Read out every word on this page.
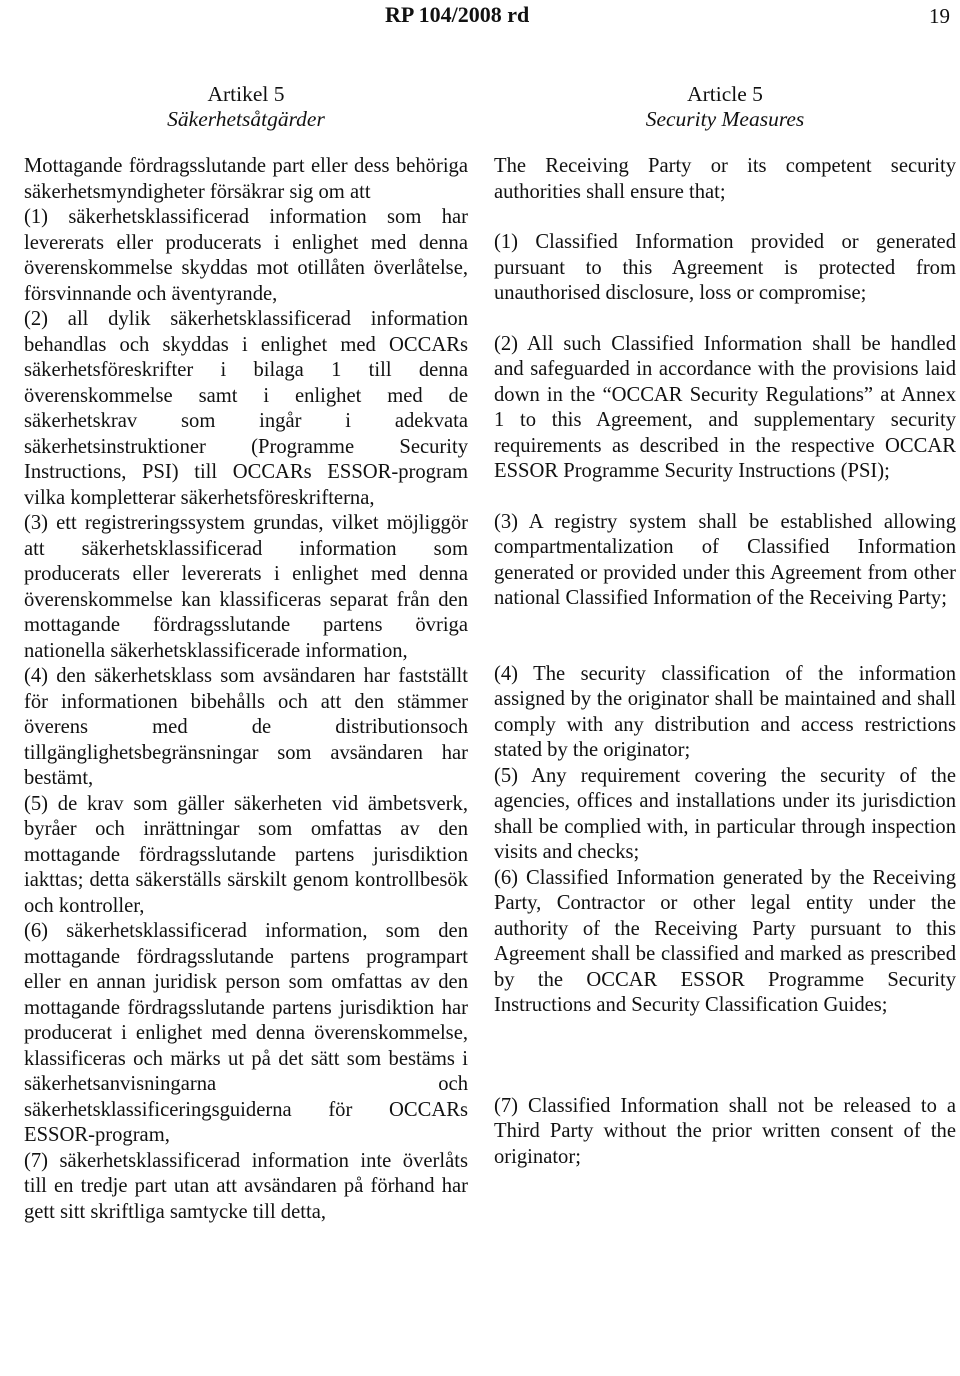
RP 104/2008 rd	19
Artikel 5
Säkerhetsåtgärder

Mottagande fördragsslutande part eller dess behöriga säkerhetsmyndigheter försäkrar sig om att

(1) säkerhetsklassificerad information som har levererats eller producerats i enlighet med denna överenskommelse skyddas mot otillåten överlåtelse, försvinnande och äventyrande,

(2) all dylik säkerhetsklassificerad information behandlas och skyddas i enlighet med OCCARs säkerhetsföreskrifter i bilaga 1 till denna överenskommelse samt i enlighet med de säkerhetskrav som ingår i adekvata säkerhetsinstruktioner (Programme Security Instructions, PSI) till OCCARs ESSOR-program vilka kompletterar säkerhetsföreskrifterna,

(3) ett registreringssystem grundas, vilket möjliggör att säkerhetsklassificerad information som producerats eller levererats i enlighet med denna överenskommelse kan klassificeras separat från den mottagande fördragsslutande partens övriga nationella säkerhetsklassificerade information,

(4) den säkerhetsklass som avsändaren har fastställt för informationen bibehålls och att den stämmer överens med de distributionsoch tillgänglighetsbegränsningar som avsändaren har bestämt,

(5) de krav som gäller säkerheten vid ämbetsverk, byråer och inrättningar som omfattas av den mottagande fördragsslutande partens jurisdiktion iakttas; detta säkerställs särskilt genom kontrollbesök och kontroller,

(6) säkerhetsklassificerad information, som den mottagande fördragsslutande partens programpart eller en annan juridisk person som omfattas av den mottagande fördragsslutande partens jurisdiktion har producerat i enlighet med denna överenskommelse, klassificeras och märks ut på det sätt som bestäms i säkerhetsanvisningarna och säkerhetsklassificeringsguiderna för OCCARs ESSOR-program,

(7) säkerhetsklassificerad information inte överlåts till en tredje part utan att avsändaren på förhand har gett sitt skriftliga samtycke till detta,

Article 5
Security Measures

The Receiving Party or its competent security authorities shall ensure that;

(1) Classified Information provided or generated pursuant to this Agreement is protected from unauthorised disclosure, loss or compromise;

(2) All such Classified Information shall be handled and safeguarded in accordance with the provisions laid down in the “OCCAR Security Regulations” at Annex 1 to this Agreement, and supplementary security requirements as described in the respective OCCAR ESSOR Programme Security Instructions (PSI);

(3) A registry system shall be established allowing compartmentalization of Classified Information generated or provided under this Agreement from other national Classified Information of the Receiving Party;

(4) The security classification of the information assigned by the originator shall be maintained and shall comply with any distribution and access restrictions stated by the originator;

(5) Any requirement covering the security of the agencies, offices and installations under its jurisdiction shall be complied with, in particular through inspection visits and checks;

(6) Classified Information generated by the Receiving Party, Contractor or other legal entity under the authority of the Receiving Party pursuant to this Agreement shall be classified and marked as prescribed by the OCCAR ESSOR Programme Security Instructions and Security Classification Guides;

(7) Classified Information shall not be released to a Third Party without the prior written consent of the originator;
